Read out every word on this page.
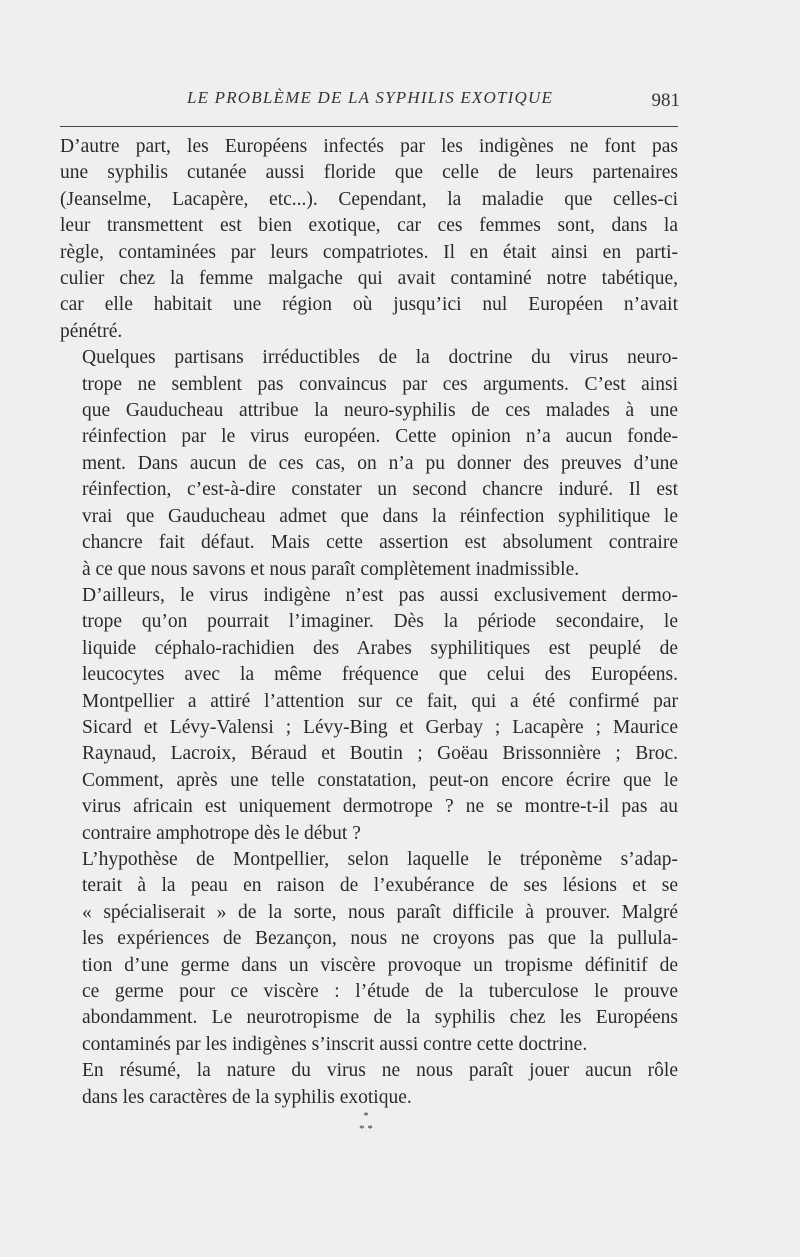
LE PROBLÈME DE LA SYPHILIS EXOTIQUE	981

D’autre part, les Européens infectés par les indigènes ne font pas
une syphilis cutanée aussi floride que celle de leurs partenaires
(Jeanselme, Lacapère, etc...). Cependant, la maladie que celles-ci
leur transmettent est bien exotique, car ces femmes sont, dans la
règle, contaminées par leurs compatriotes. Il en était ainsi en parti-
culier chez la femme malgache qui avait contaminé notre tabétique,
car elle habitait une région où jusqu’ici nul Européen n’avait
pénétré.

Quelques partisans irréductibles de la doctrine du virus neuro-
trope ne semblent pas convaincus par ces arguments. C’est ainsi
que Gauducheau attribue la neuro-syphilis de ces malades à une
réinfection par le virus européen. Cette opinion n’a aucun fonde-
ment. Dans aucun de ces cas, on n’a pu donner des preuves d’une
réinfection, c’est-à-dire constater un second chancre induré. Il est
vrai que Gauducheau admet que dans la réinfection syphilitique le
chancre fait défaut. Mais cette assertion est absolument contraire
à ce que nous savons et nous paraît complètement inadmissible.

D’ailleurs, le virus indigène n’est pas aussi exclusivement dermo-
trope qu’on pourrait l’imaginer. Dès la période secondaire, le
liquide céphalo-rachidien des Arabes syphilitiques est peuplé de
leucocytes avec la même fréquence que celui des Européens.
Montpellier a attiré l’attention sur ce fait, qui a été confirmé par
Sicard et Lévy-Valensi ; Lévy-Bing et Gerbay ; Lacapère ; Maurice
Raynaud, Lacroix, Béraud et Boutin ; Goëau Brissonnière ; Broc.
Comment, après une telle constatation, peut-on encore écrire que le
virus africain est uniquement dermotrope ? ne se montre-t-il pas au
contraire amphotrope dès le début ?

L’hypothèse de Montpellier, selon laquelle le tréponème s’adap-
terait à la peau en raison de l’exubérance de ses lésions et se
« spécialiserait » de la sorte, nous paraît difficile à prouver. Malgré
les expériences de Bezançon, nous ne croyons pas que la pullula-
tion d’une germe dans un viscère provoque un tropisme définitif de
ce germe pour ce viscère : l’étude de la tuberculose le prouve
abondamment. Le neurotropisme de la syphilis chez les Européens
contaminés par les indigènes s’inscrit aussi contre cette doctrine.

En résumé, la nature du virus ne nous paraît jouer aucun rôle
dans les caractères de la syphilis exotique.

*
* *
